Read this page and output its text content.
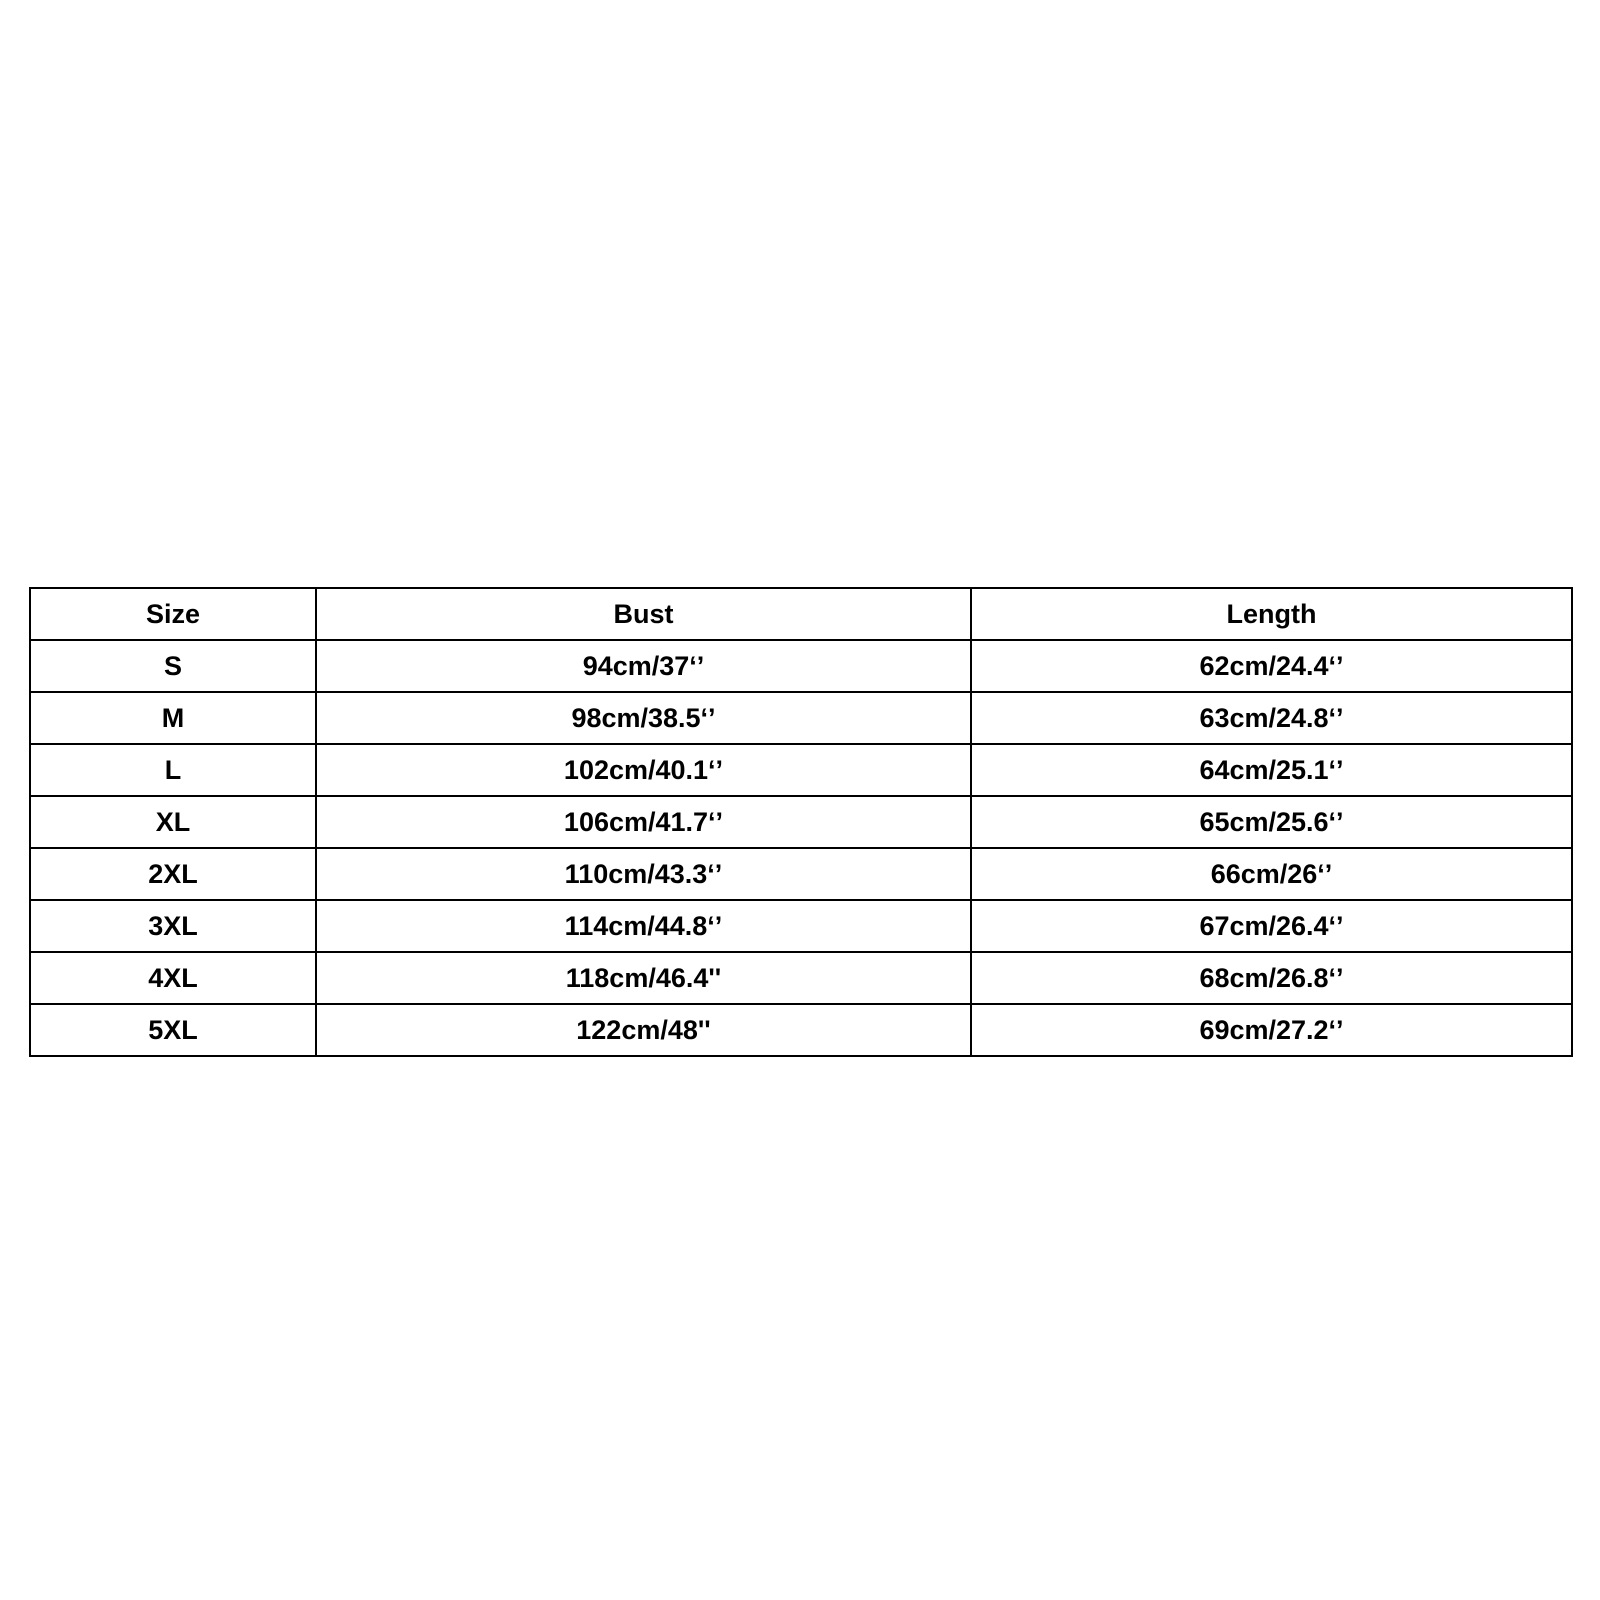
Size	Bust	Length
S	94cm/37‘’	62cm/24.4‘’
M	98cm/38.5‘’	63cm/24.8‘’
L	102cm/40.1‘’	64cm/25.1‘’
XL	106cm/41.7‘’	65cm/25.6‘’
2XL	110cm/43.3‘’	66cm/26‘’
3XL	114cm/44.8‘’	67cm/26.4‘’
4XL	118cm/46.4''	68cm/26.8‘’
5XL	122cm/48''	69cm/27.2‘’
